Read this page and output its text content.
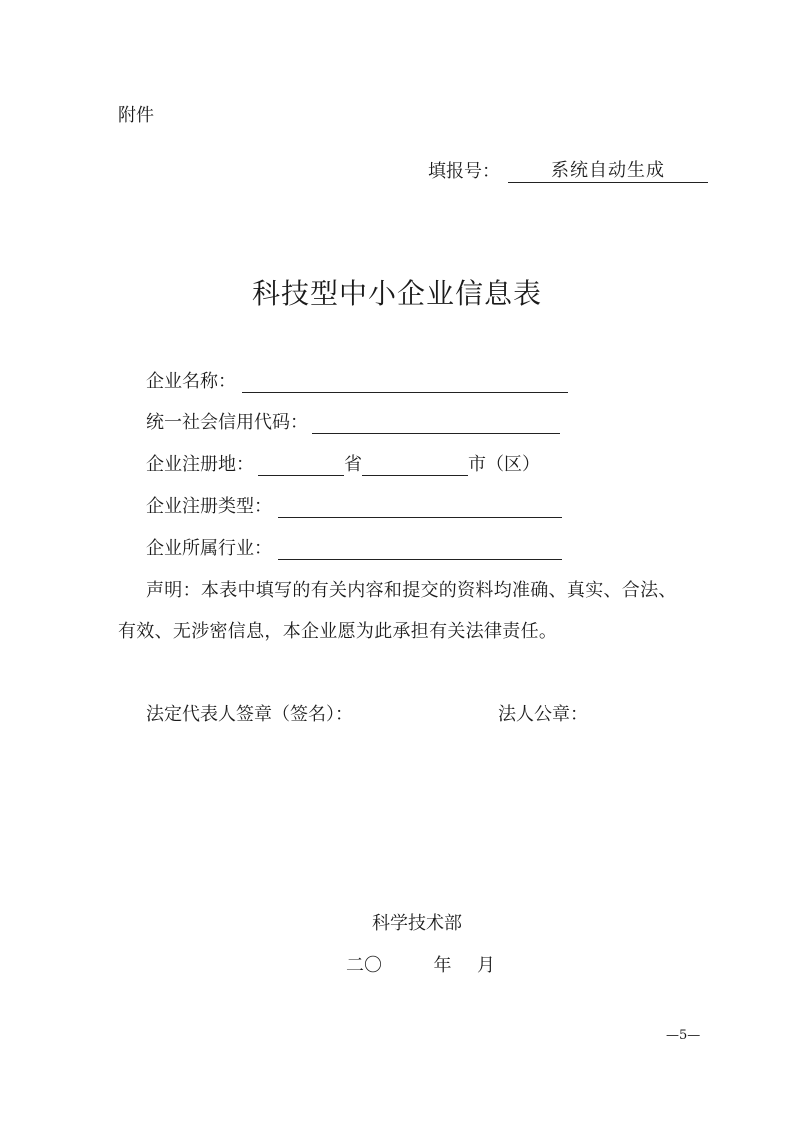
附件
填报号：	系统自动生成
科技型中小企业信息表
企业名称：
统一社会信用代码：
企业注册地：	省	市（区）
企业注册类型：
企业所属行业：
声明：本表中填写的有关内容和提交的资料均准确、真实、合法、
有效、无涉密信息，本企业愿为此承担有关法律责任。
法定代表人签章（签名）：	法人公章：
科学技术部
二〇	年 月
—5—
